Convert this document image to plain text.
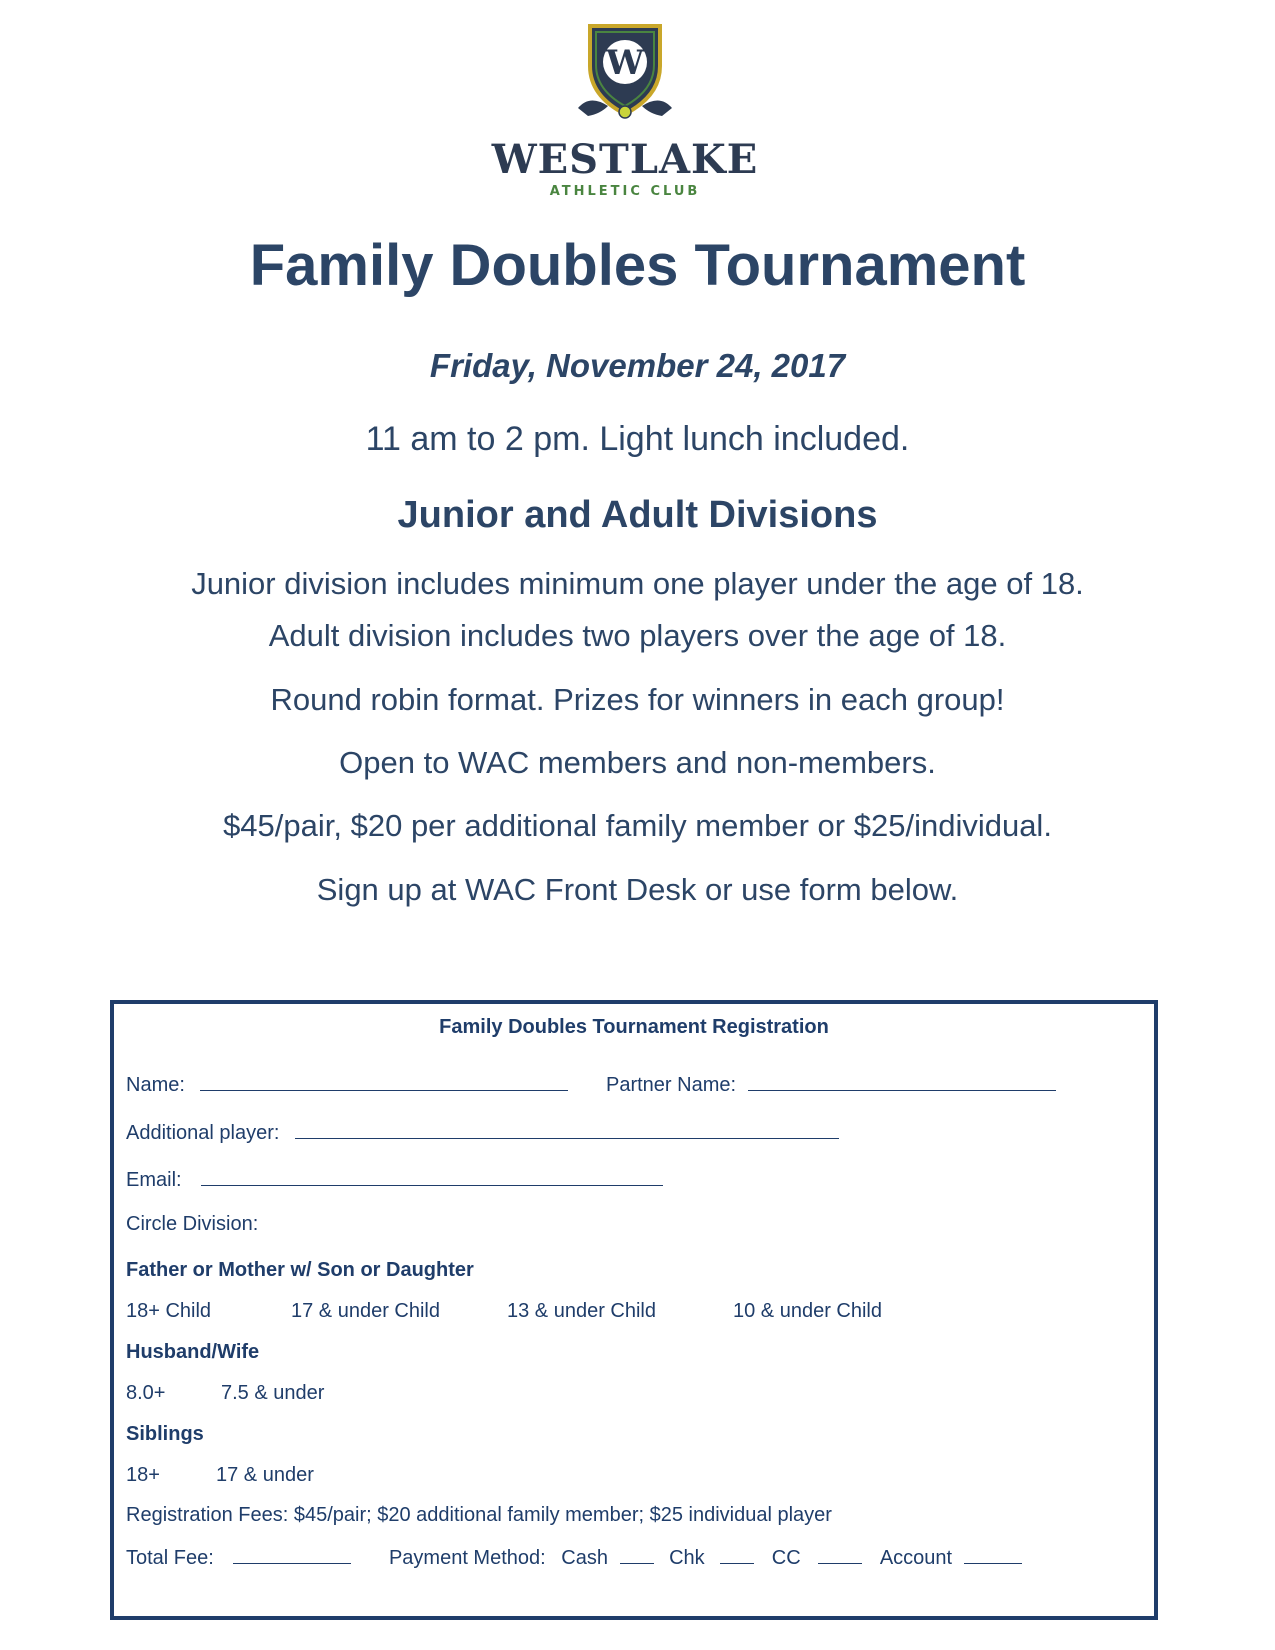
W
WESTLAKE
ATHLETIC CLUB
Family Doubles Tournament
Friday, November 24, 2017
11 am to 2 pm. Light lunch included.
Junior and Adult Divisions
Junior division includes minimum one player under the age of 18.
Adult division includes two players over the age of 18.
Round robin format. Prizes for winners in each group!
Open to WAC members and non-members.
$45/pair, $20 per additional family member or $25/individual.
Sign up at WAC Front Desk or use form below.
Family Doubles Tournament Registration
Name:	Partner Name:
Additional player:
Email:
Circle Division:
Father or Mother w/ Son or Daughter
18+ Child	17 & under Child	13 & under Child	10 & under Child
Husband/Wife
8.0+	7.5 & under
Siblings
18+	17 & under
Registration Fees: $45/pair; $20 additional family member; $25 individual player
Total Fee:	Payment Method: Cash	Chk	CC	Account
